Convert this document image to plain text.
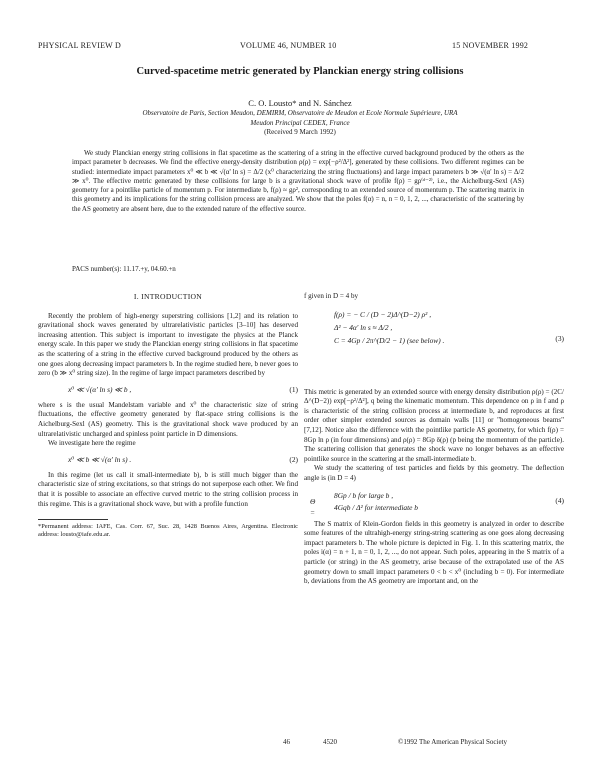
PHYSICAL REVIEW D	VOLUME 46, NUMBER 10	15 NOVEMBER 1992
Curved-spacetime metric generated by Planckian energy string collisions
C. O. Lousto* and N. Sánchez
Observatoire de Paris, Section Meudon, DEMIRM, Observatoire de Meudon et Ecole Normale Supérieure, URA
Meudon Principal CEDEX, France
(Received 9 March 1992)

We study Planckian energy string collisions in flat spacetime as the scattering of a string in the effective curved background produced by the others as the impact parameter b decreases. We find the effective energy-density distribution ρ(ρ) = exp[−ρ²/Δ²], generated by these collisions. Two different regimes can be studied: intermediate impact parameters x⁰ ≪ b ≪ √(α' ln s) = Δ/2 (x⁰ characterizing the string fluctuations) and large impact parameters b ≫ √(α' ln s) = Δ/2 ≫ x⁰. The effective metric generated by these collisions for large b is a gravitational shock wave of profile f(ρ) = gρ⁽ᵈ⁻²⁾, i.e., the Aichelburg-Sexl (AS) geometry for a pointlike particle of momentum p. For intermediate b, f(ρ) ≈ gρ², corresponding to an extended source of momentum p. The scattering matrix in this geometry and its implications for the string collision process are analyzed. We show that the poles f(α) = n, n = 0, 1, 2, ..., characteristic of the scattering by the AS geometry are absent here, due to the extended nature of the effective source.

PACS number(s): 11.17.+y, 04.60.+n
I. INTRODUCTION

Recently the problem of high-energy superstring collisions [1,2] and its relation to gravitational shock waves generated by ultrarelativistic particles [3–10] has deserved increasing attention. This subject is important to investigate the physics at the Planck energy scale. In this paper we study the Planckian energy string collisions in flat spacetime as the scattering of a string in the effective curved background produced by the others as one goes along decreasing impact parameters b. In the regime studied here, b never goes to zero (b ≫ x⁰ string size). In the regime of large impact parameters described by

x⁰ ≪ √(α' ln s) ≪ b ,	(1)

where s is the usual Mandelstam variable and x⁰ the characteristic size of string fluctuations, the effective geometry generated by flat-space string collisions is the Aichelburg-Sexl (AS) geometry. This is the gravitational shock wave produced by an ultrarelativistic uncharged and spinless point particle in D dimensions.

We investigate here the regime

x⁰ ≪ b ≪ √(α' ln s) .	(2)

In this regime (let us call it small-intermediate b), b is still much bigger than the characteristic size of string excitations, so that strings do not superpose each other. We find that it is possible to associate an effective curved metric to the string collision process in this regime. This is a gravitational shock wave, but with a profile function

*Permanent address: IAFE, Cas. Corr. 67, Suc. 28, 1428 Buenos Aires, Argentina. Electronic address: lousto@iafe.edu.ar.

f given in D = 4 by

f(ρ) = − C / (D − 2)Δ^(D−2) ρ² ,
Δ² − 4α' ln s ≈ Δ/2 ,
C = 4Gp / 2π^(D/2 − 1) (see below) .	(3)

This metric is generated by an extended source with energy density distribution ρ(ρ) = (2C/Δ^(D−2)) exp[−ρ²/Δ²], q being the kinematic momentum. This dependence on ρ in f and ρ is characteristic of the string collision process at intermediate b, and reproduces at first order other simpler extended sources as domain walls [11] or "homogeneous beams" [7,12]. Notice also the difference with the pointlike particle AS geometry, for which f(ρ) = 8Gp ln ρ (in four dimensions) and ρ(ρ) = 8Gp δ(ρ) (p being the momentum of the particle). The scattering collision that generates the shock wave no longer behaves as an effective pointlike source in the scattering at the small-intermediate b.

We study the scattering of test particles and fields by this geometry. The deflection angle is (in D = 4)

Θ =
8Gp / b for large b ,
4Gqb / Δ² for intermediate b
(4)

The S matrix of Klein-Gordon fields in this geometry is analyzed in order to describe some features of the ultrahigh-energy string-string scattering as one goes along decreasing impact parameters b. The whole picture is depicted in Fig. 1. In this scattering matrix, the poles i(α) = n + 1, n = 0, 1, 2, ..., do not appear. Such poles, appearing in the S matrix of a particle (or string) in the AS geometry, arise because of the extrapolated use of the AS geometry down to small impact parameters 0 < b < x⁰ (including b = 0). For intermediate b, deviations from the AS geometry are important and, on the

46	4520	©1992 The American Physical Society
